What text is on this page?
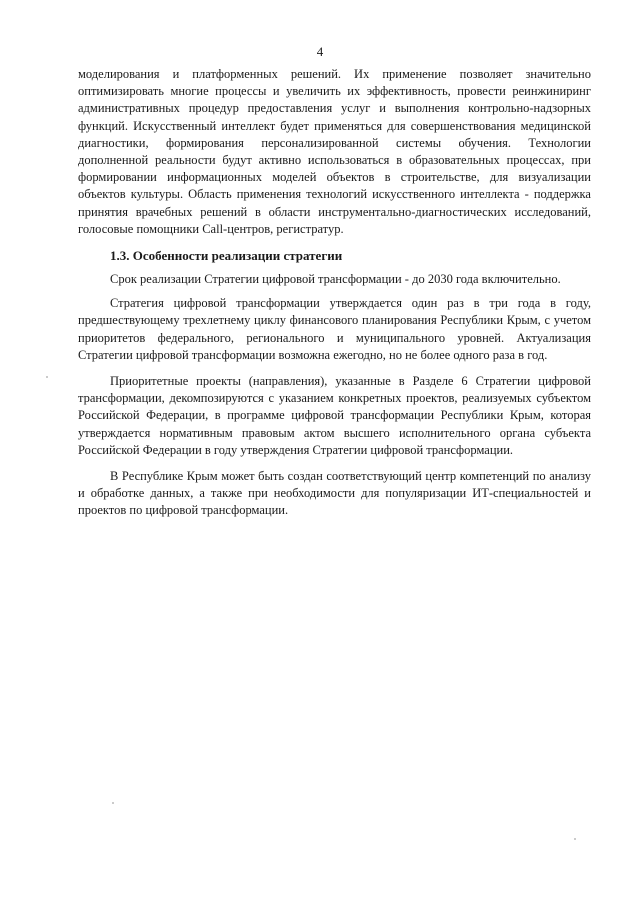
4

моделирования и платформенных решений. Их применение позволяет значительно оптимизировать многие процессы и увеличить их эффективность, провести реинжиниринг административных процедур предоставления услуг и выполнения контрольно-надзорных функций. Искусственный интеллект будет применяться для совершенствования медицинской диагностики, формирования персонализированной системы обучения. Технологии дополненной реальности будут активно использоваться в образовательных процессах, при формировании информационных моделей объектов в строительстве, для визуализации объектов культуры. Область применения технологий искусственного интеллекта - поддержка принятия врачебных решений в области инструментально-диагностических исследований, голосовые помощники Call-центров, регистратур.

1.3. Особенности реализации стратегии

Срок реализации Стратегии цифровой трансформации - до 2030 года включительно.

Стратегия цифровой трансформации утверждается один раз в три года в году, предшествующему трехлетнему циклу финансового планирования Республики Крым, с учетом приоритетов федерального, регионального и муниципального уровней. Актуализация Стратегии цифровой трансформации возможна ежегодно, но не более одного раза в год.

Приоритетные проекты (направления), указанные в Разделе 6 Стратегии цифровой трансформации, декомпозируются с указанием конкретных проектов, реализуемых субъектом Российской Федерации, в программе цифровой трансформации Республики Крым, которая утверждается нормативным правовым актом высшего исполнительного органа субъекта Российской Федерации в году утверждения Стратегии цифровой трансформации.

В Республике Крым может быть создан соответствующий центр компетенций по анализу и обработке данных, а также при необходимости для популяризации ИТ-специальностей и проектов по цифровой трансформации.
